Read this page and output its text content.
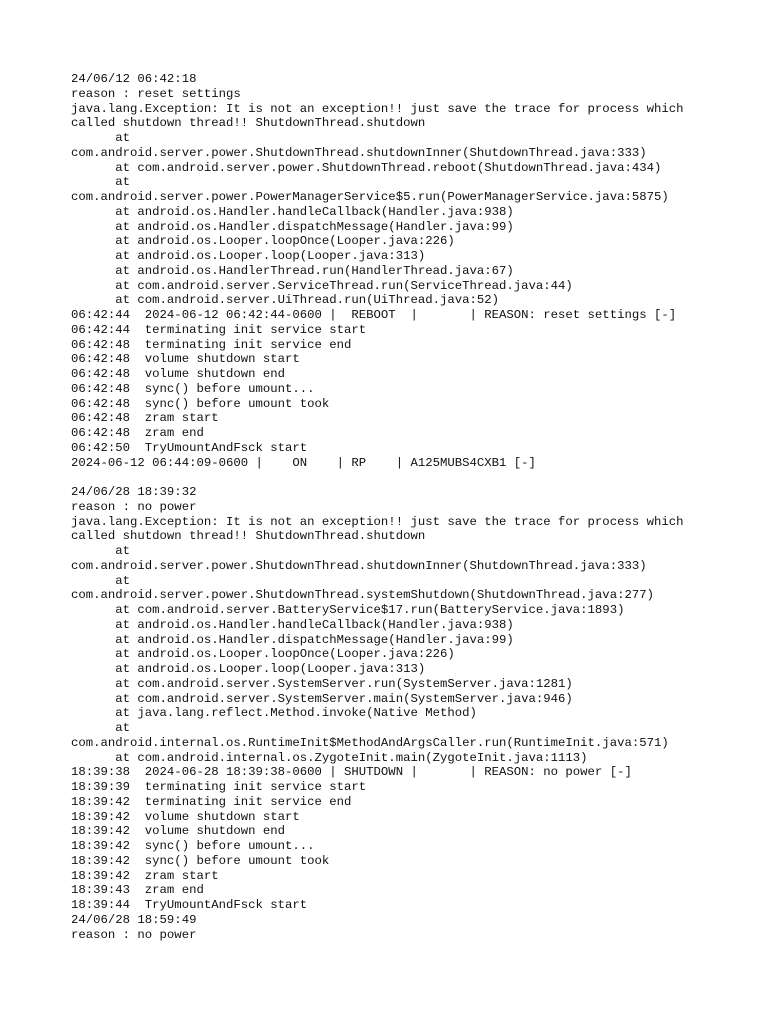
24/06/12 06:42:18
reason : reset settings
java.lang.Exception: It is not an exception!! just save the trace for process which
called shutdown thread!! ShutdownThread.shutdown
at
com.android.server.power.ShutdownThread.shutdownInner(ShutdownThread.java:333)
at com.android.server.power.ShutdownThread.reboot(ShutdownThread.java:434)
at
com.android.server.power.PowerManagerService$5.run(PowerManagerService.java:5875)
at android.os.Handler.handleCallback(Handler.java:938)
at android.os.Handler.dispatchMessage(Handler.java:99)
at android.os.Looper.loopOnce(Looper.java:226)
at android.os.Looper.loop(Looper.java:313)
at android.os.HandlerThread.run(HandlerThread.java:67)
at com.android.server.ServiceThread.run(ServiceThread.java:44)
at com.android.server.UiThread.run(UiThread.java:52)
06:42:44  2024-06-12 06:42:44-0600 |  REBOOT  |       | REASON: reset settings [-]
06:42:44  terminating init service start
06:42:48  terminating init service end
06:42:48  volume shutdown start
06:42:48  volume shutdown end
06:42:48  sync() before umount...
06:42:48  sync() before umount took
06:42:48  zram start
06:42:48  zram end
06:42:50  TryUmountAndFsck start
2024-06-12 06:44:09-0600 |    ON    | RP    | A125MUBS4CXB1 [-]
24/06/28 18:39:32
reason : no power
java.lang.Exception: It is not an exception!! just save the trace for process which
called shutdown thread!! ShutdownThread.shutdown
at
com.android.server.power.ShutdownThread.shutdownInner(ShutdownThread.java:333)
at
com.android.server.power.ShutdownThread.systemShutdown(ShutdownThread.java:277)
at com.android.server.BatteryService$17.run(BatteryService.java:1893)
at android.os.Handler.handleCallback(Handler.java:938)
at android.os.Handler.dispatchMessage(Handler.java:99)
at android.os.Looper.loopOnce(Looper.java:226)
at android.os.Looper.loop(Looper.java:313)
at com.android.server.SystemServer.run(SystemServer.java:1281)
at com.android.server.SystemServer.main(SystemServer.java:946)
at java.lang.reflect.Method.invoke(Native Method)
at
com.android.internal.os.RuntimeInit$MethodAndArgsCaller.run(RuntimeInit.java:571)
at com.android.internal.os.ZygoteInit.main(ZygoteInit.java:1113)
18:39:38  2024-06-28 18:39:38-0600 | SHUTDOWN |       | REASON: no power [-]
18:39:39  terminating init service start
18:39:42  terminating init service end
18:39:42  volume shutdown start
18:39:42  volume shutdown end
18:39:42  sync() before umount...
18:39:42  sync() before umount took
18:39:42  zram start
18:39:43  zram end
18:39:44  TryUmountAndFsck start
24/06/28 18:59:49
reason : no power
